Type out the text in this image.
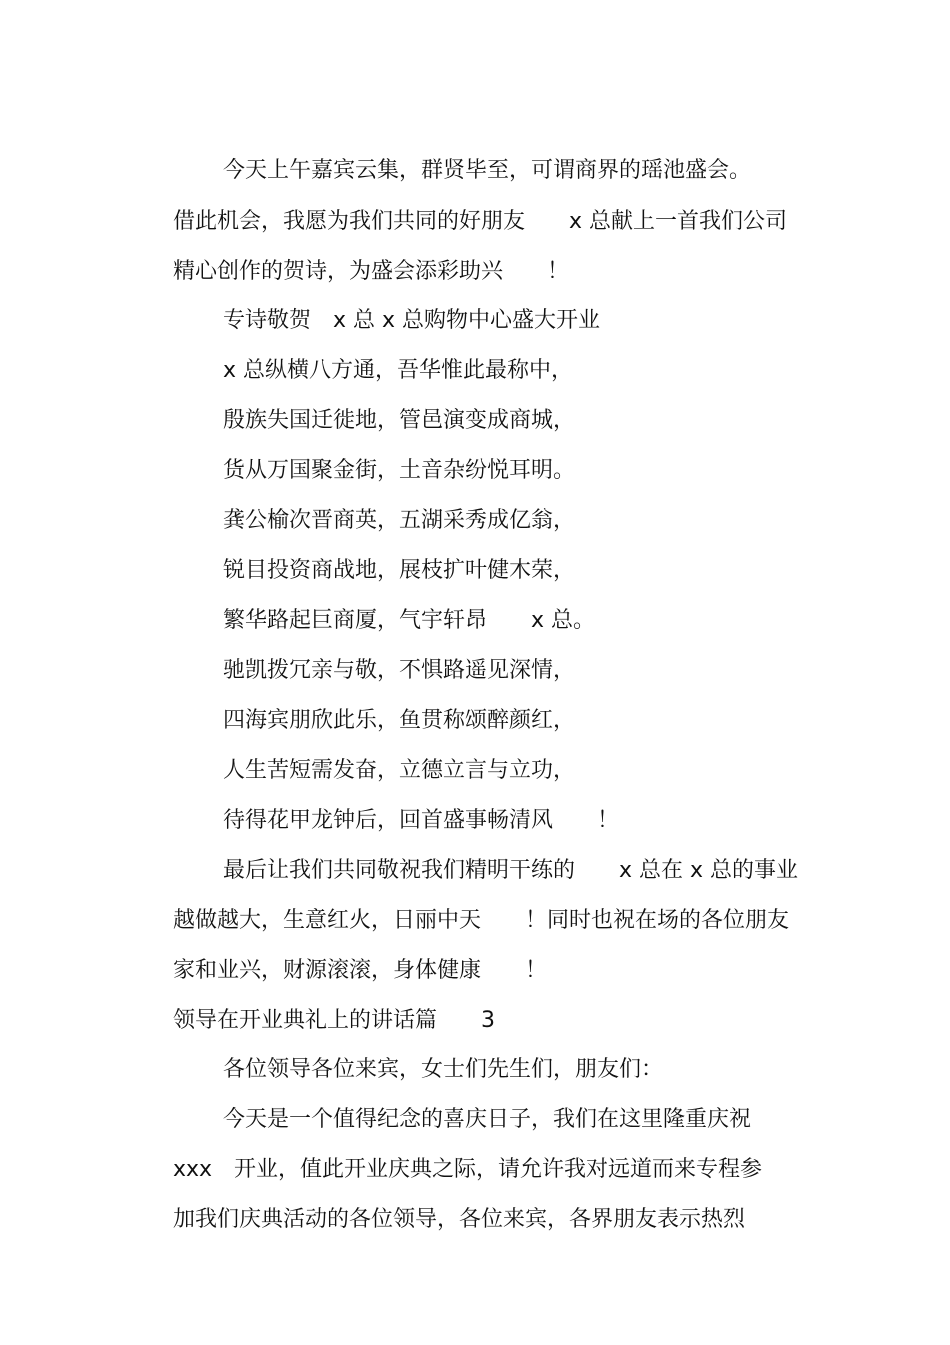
今天上午嘉宾云集，群贤毕至，可谓商界的瑶池盛会。

借此机会，我愿为我们共同的好朋友 x 总献上一首我们公司

精心创作的贺诗，为盛会添彩助兴 ！

专诗敬贺 x 总 x 总购物中心盛大开业

x 总纵横八方通，吾华惟此最称中，

殷族失国迁徙地，管邑演变成商城，

货从万国聚金街，土音杂纷悦耳明。

龚公榆次晋商英，五湖采秀成亿翁，

锐目投资商战地，展枝扩叶健木荣，

繁华路起巨商厦，气宇轩昂 x 总。

驰凯拨冗亲与敬，不惧路遥见深情，

四海宾朋欣此乐，鱼贯称颂醉颜红，

人生苦短需发奋，立德立言与立功，

待得花甲龙钟后，回首盛事畅清风 ！

最后让我们共同敬祝我们精明干练的 x 总在 x 总的事业

越做越大，生意红火，日丽中天 ！同时也祝在场的各位朋友

家和业兴，财源滚滚，身体健康 ！

领导在开业典礼上的讲话篇 3

各位领导各位来宾，女士们先生们，朋友们：

今天是一个值得纪念的喜庆日子，我们在这里隆重庆祝

xxx 开业，值此开业庆典之际，请允许我对远道而来专程参

加我们庆典活动的各位领导，各位来宾，各界朋友表示热烈
